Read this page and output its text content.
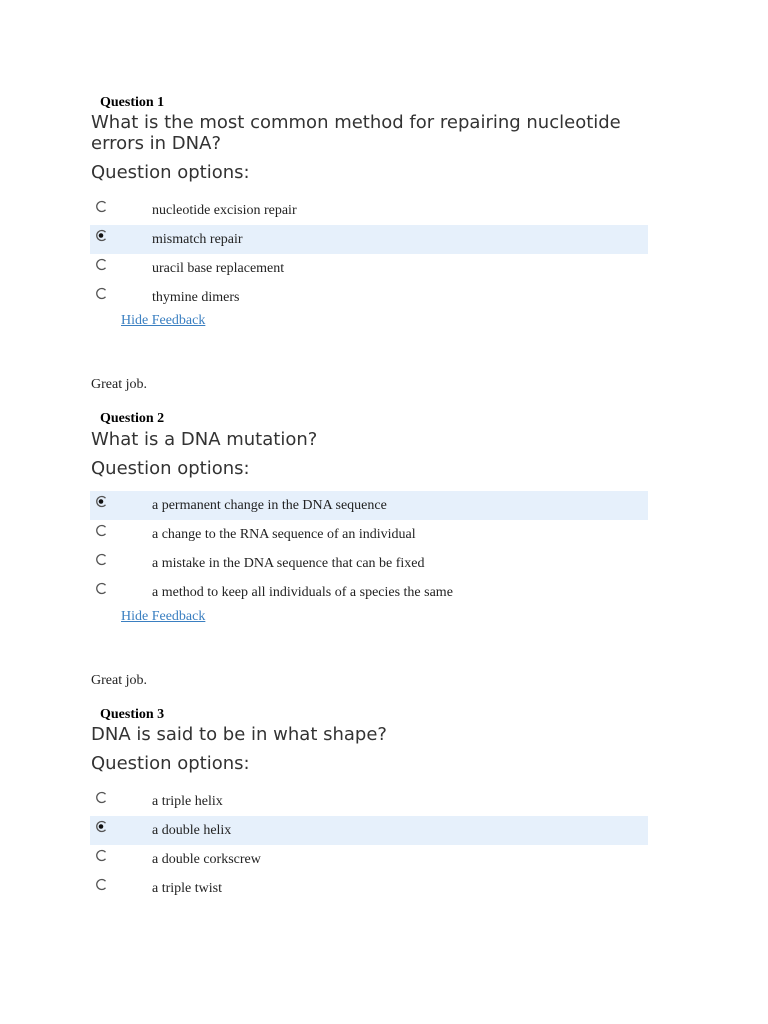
Question 1
What is the most common method for repairing nucleotide errors in DNA?
Question options:
nucleotide excision repair
mismatch repair
uracil base replacement
thymine dimers
Hide Feedback
Great job.
Question 2
What is a DNA mutation?
Question options:
a permanent change in the DNA sequence
a change to the RNA sequence of an individual
a mistake in the DNA sequence that can be fixed
a method to keep all individuals of a species the same
Hide Feedback
Great job.
Question 3
DNA is said to be in what shape?
Question options:
a triple helix
a double helix
a double corkscrew
a triple twist
